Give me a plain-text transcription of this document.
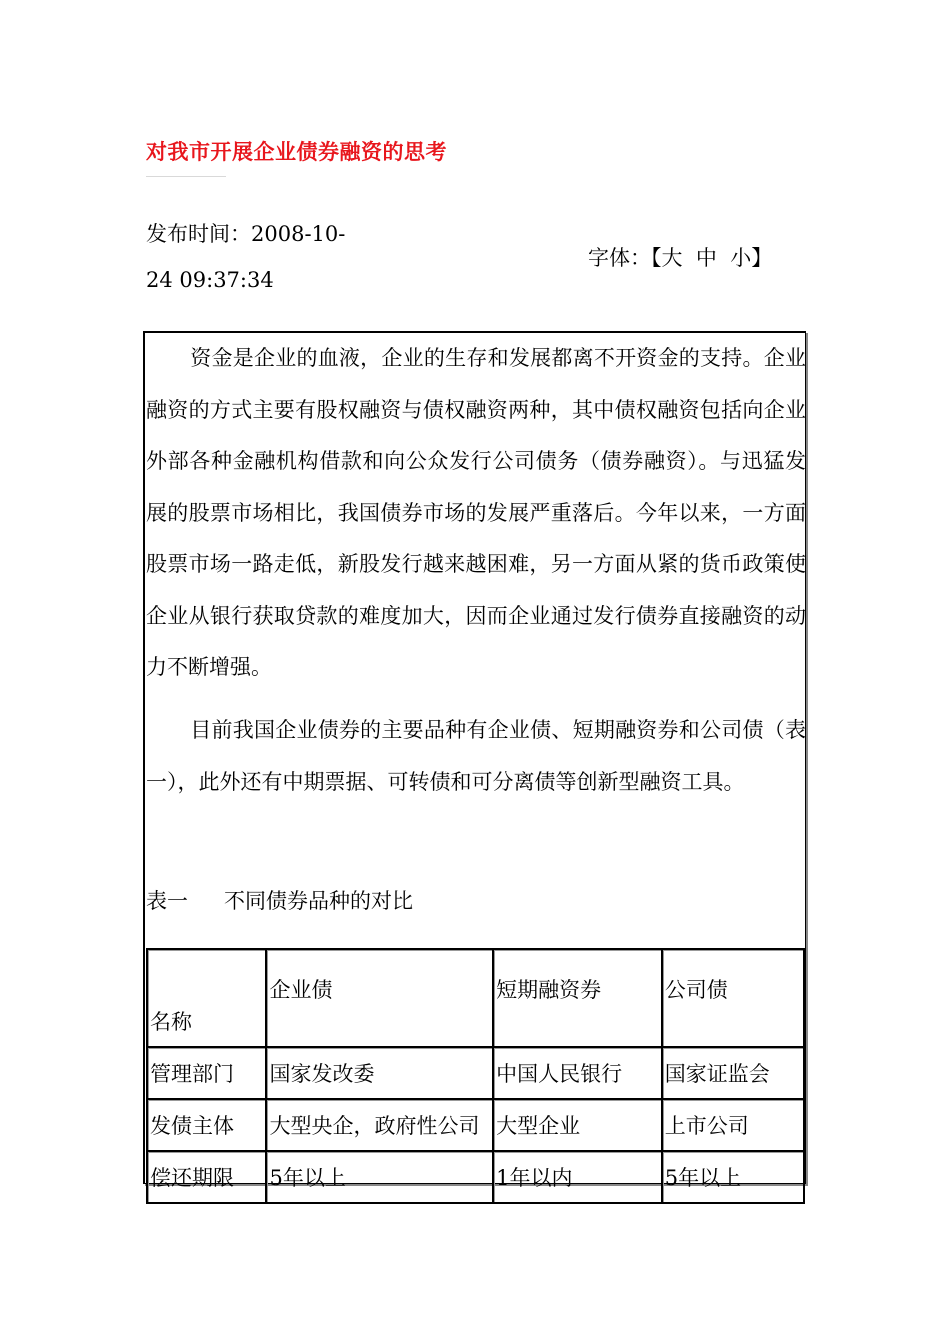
对我市开展企业债券融资的思考
发布时间：2008-10-
24 09:37:34
字体：【大 中 小】
资金是企业的血液，企业的生存和发展都离不开资金的支持。企业融资的方式主要有股权融资与债权融资两种，其中债权融资包括向企业外部各种金融机构借款和向公众发行公司债务（债券融资）。与迅猛发展的股票市场相比，我国债券市场的发展严重落后。今年以来，一方面股票市场一路走低，新股发行越来越困难，另一方面从紧的货币政策使企业从银行获取贷款的难度加大，因而企业通过发行债券直接融资的动力不断增强。
目前我国企业债券的主要品种有企业债、短期融资券和公司债（表一），此外还有中期票据、可转债和可分离债等创新型融资工具。
表一 不同债券品种的对比
名称	企业债	短期融资券	公司债
管理部门	国家发改委	中国人民银行	国家证监会
发债主体	大型央企，政府性公司	大型企业	上市公司
偿还期限	5年以上	1年以内	5年以上
